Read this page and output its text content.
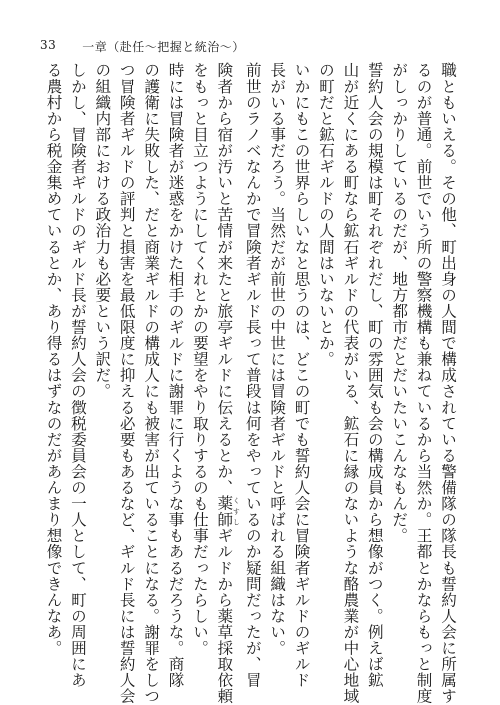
33 一章（赴任〜把握と統治〜）
職ともいえる。その他、町出身の人間で構成されている警備隊の隊長も誓約人会に所属す
るのが普通。前世でいう所の警察機構も兼ねているから当然か。王都とかならもっと制度
がしっかりしているのだが、地方都市だとだいたいこんなもんだ。
誓約人会の規模は町それぞれだし、町の雰囲気も会の構成員から想像がつく。例えば鉱
山が近くにある町なら鉱石ギルドの代表がいる、鉱石に縁のないような酪農業が中心地域
の町だと鉱石ギルドの人間はいないとか。
いかにもこの世界らしいなと思うのは、どこの町でも誓約人会に冒険者ギルドのギルド
長がいる事だろう。当然だが前世の中世には冒険者ギルドと呼ばれる組織はない。
前世のラノベなんかで冒険者ギルド長って普段は何をやっているのか疑問だったが、冒
険者から宿が汚いと苦情が来たと旅亭ギルドに伝えるとか、薬師 くすしギルドから薬草採取依頼
をもっと目立つようにしてくれとかの要望をやり取りするのも仕事だったらしい。
時には冒険者が迷惑をかけた相手のギルドに謝罪に行くような事もあるだろうな。商隊
の護衛に失敗した、だと商業ギルドの構成人にも被害が出ていることになる。謝罪をしつ
つ冒険者ギルドの評判と損害を最低限度に抑える必要もあるなど、ギルド長には誓約人会
の組織内部における政治力も必要という訳だ。
しかし、冒険者ギルドのギルド長が誓約人会の徴税委員会の一人として、町の周囲にあ
る農村から税金集めているとか、あり得るはずなのだがあんまり想像できんなあ。
